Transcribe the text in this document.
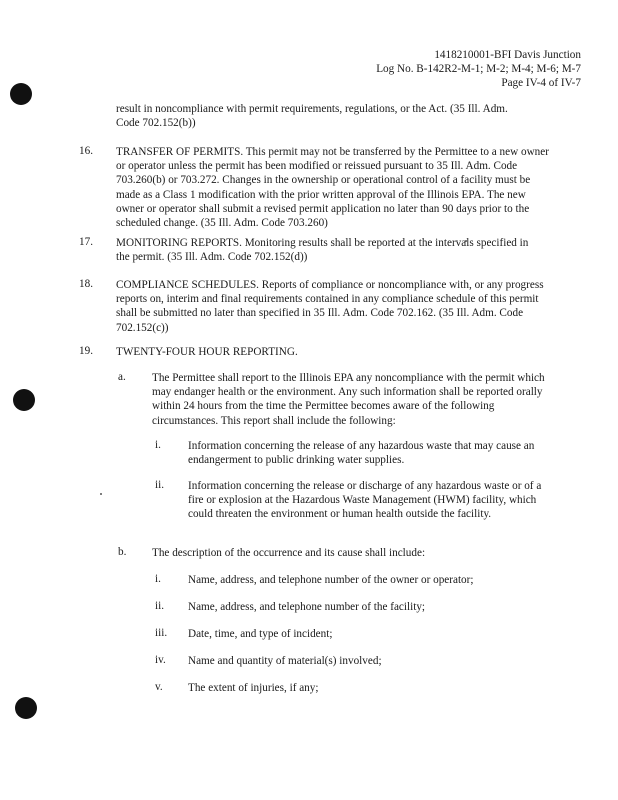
1418210001-BFI Davis Junction
Log No. B-142R2-M-1; M-2; M-4; M-6; M-7
Page IV-4 of IV-7
result in noncompliance with permit requirements, regulations, or the Act. (35 Ill. Adm. Code 702.152(b))
16. TRANSFER OF PERMITS. This permit may not be transferred by the Permittee to a new owner or operator unless the permit has been modified or reissued pursuant to 35 Ill. Adm. Code 703.260(b) or 703.272. Changes in the ownership or operational control of a facility must be made as a Class 1 modification with the prior written approval of the Illinois EPA. The new owner or operator shall submit a revised permit application no later than 90 days prior to the scheduled change. (35 Ill. Adm. Code 703.260)
17. MONITORING REPORTS. Monitoring results shall be reported at the intervals specified in the permit. (35 Ill. Adm. Code 702.152(d))
18. COMPLIANCE SCHEDULES. Reports of compliance or noncompliance with, or any progress reports on, interim and final requirements contained in any compliance schedule of this permit shall be submitted no later than specified in 35 Ill. Adm. Code 702.162. (35 Ill. Adm. Code 702.152(c))
19. TWENTY-FOUR HOUR REPORTING.
a. The Permittee shall report to the Illinois EPA any noncompliance with the permit which may endanger health or the environment. Any such information shall be reported orally within 24 hours from the time the Permittee becomes aware of the following circumstances. This report shall include the following:
i. Information concerning the release of any hazardous waste that may cause an endangerment to public drinking water supplies.
ii. Information concerning the release or discharge of any hazardous waste or of a fire or explosion at the Hazardous Waste Management (HWM) facility, which could threaten the environment or human health outside the facility.
b. The description of the occurrence and its cause shall include:
i. Name, address, and telephone number of the owner or operator;
ii. Name, address, and telephone number of the facility;
iii. Date, time, and type of incident;
iv. Name and quantity of material(s) involved;
v. The extent of injuries, if any;
